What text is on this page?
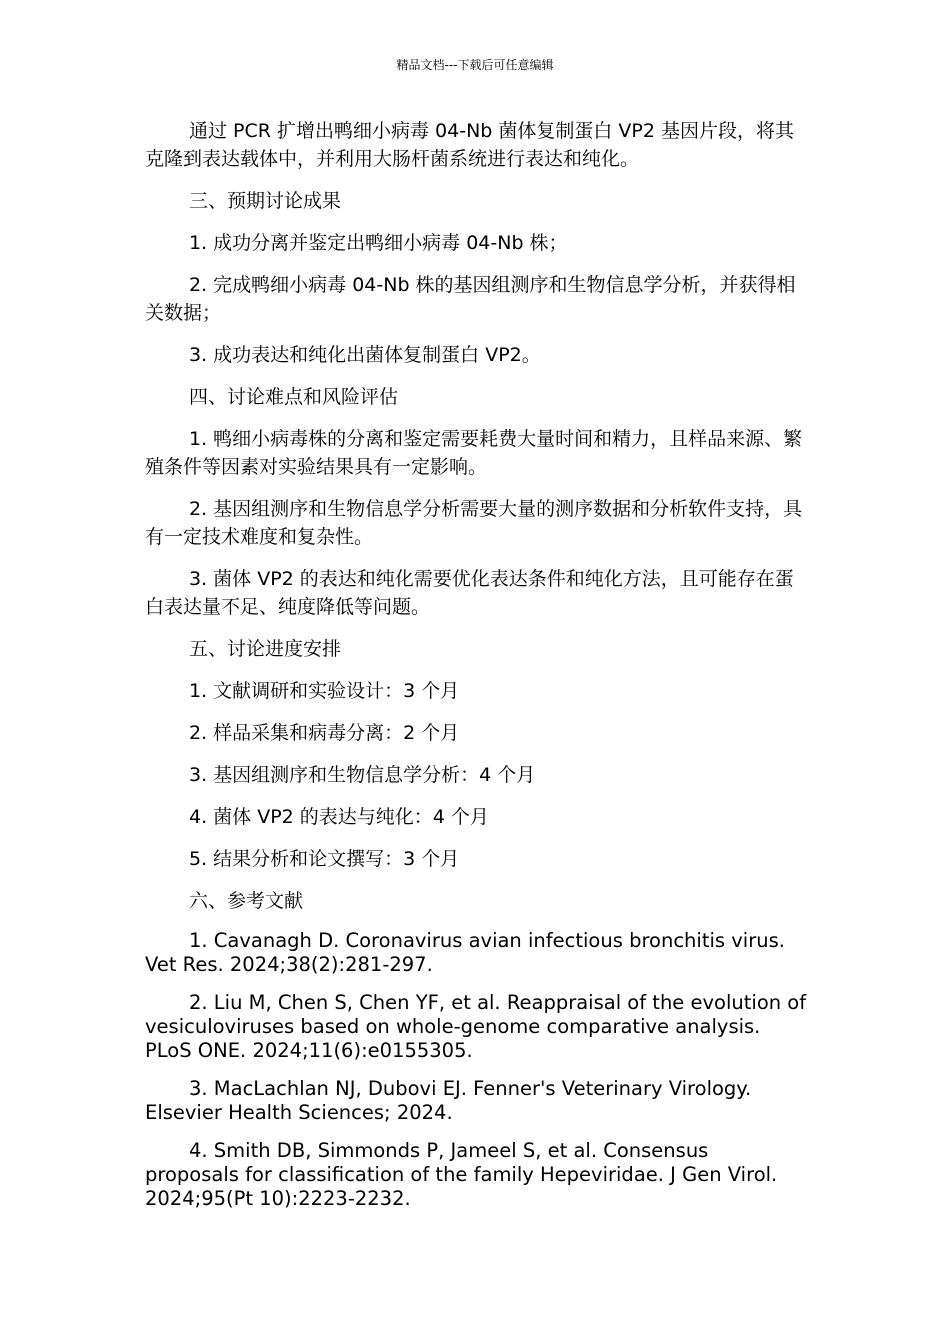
精品文档---下载后可任意编辑

通过 PCR 扩增出鸭细小病毒 04-Nb 菌体复制蛋白 VP2 基因片段，将其克隆到表达载体中，并利用大肠杆菌系统进行表达和纯化。

三、预期讨论成果

1. 成功分离并鉴定出鸭细小病毒 04-Nb 株；

2. 完成鸭细小病毒 04-Nb 株的基因组测序和生物信息学分析，并获得相关数据；

3. 成功表达和纯化出菌体复制蛋白 VP2。

四、讨论难点和风险评估

1. 鸭细小病毒株的分离和鉴定需要耗费大量时间和精力，且样品来源、繁殖条件等因素对实验结果具有一定影响。

2. 基因组测序和生物信息学分析需要大量的测序数据和分析软件支持，具有一定技术难度和复杂性。

3. 菌体 VP2 的表达和纯化需要优化表达条件和纯化方法，且可能存在蛋白表达量不足、纯度降低等问题。

五、讨论进度安排

1. 文献调研和实验设计：3 个月

2. 样品采集和病毒分离：2 个月

3. 基因组测序和生物信息学分析：4 个月

4. 菌体 VP2 的表达与纯化：4 个月

5. 结果分析和论文撰写：3 个月

六、参考文献

1. Cavanagh D. Coronavirus avian infectious bronchitis virus. Vet Res. 2024;38(2):281-297.

2. Liu M, Chen S, Chen YF, et al. Reappraisal of the evolution of vesiculoviruses based on whole-genome comparative analysis. PLoS ONE. 2024;11(6):e0155305.

3. MacLachlan NJ, Dubovi EJ. Fenner's Veterinary Virology. Elsevier Health Sciences; 2024.

4. Smith DB, Simmonds P, Jameel S, et al. Consensus proposals for classification of the family Hepeviridae. J Gen Virol. 2024;95(Pt 10):2223-2232.
